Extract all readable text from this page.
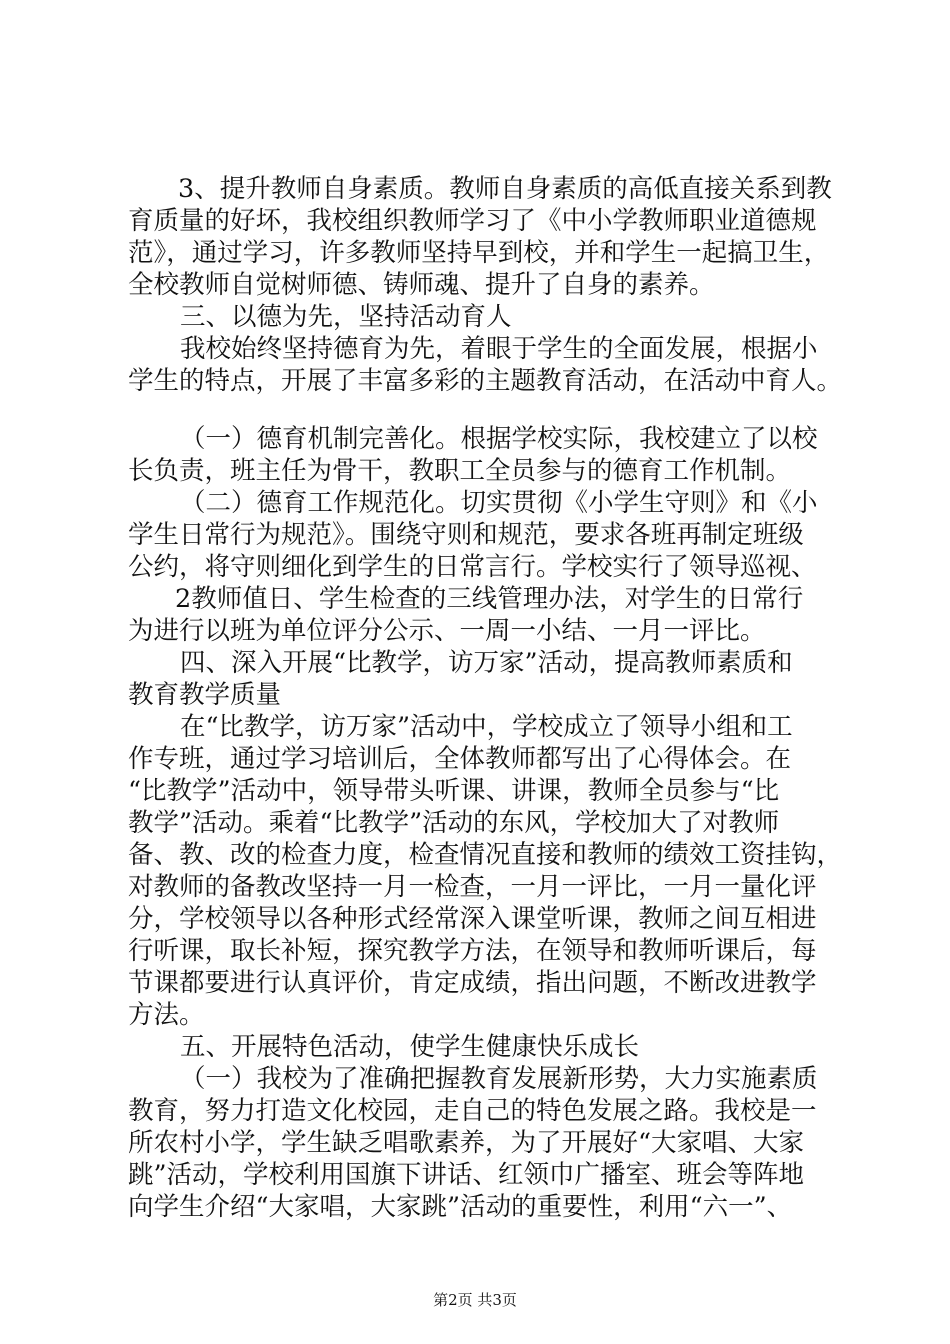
3、提升教师自身素质。教师自身素质的高低直接关系到教
育质量的好坏，我校组织教师学习了《中小学教师职业道德规
范》，通过学习，许多教师坚持早到校，并和学生一起搞卫生，
全校教师自觉树师德、铸师魂、提升了自身的素养。
三、以德为先，坚持活动育人
我校始终坚持德育为先，着眼于学生的全面发展，根据小
学生的特点，开展了丰富多彩的主题教育活动，在活动中育人。
（一）德育机制完善化。根据学校实际，我校建立了以校
长负责，班主任为骨干，教职工全员参与的德育工作机制。
（二）德育工作规范化。切实贯彻《小学生守则》和《小
学生日常行为规范》。围绕守则和规范，要求各班再制定班级
公约，将守则细化到学生的日常言行。学校实行了领导巡视、
2教师值日、学生检查的三线管理办法，对学生的日常行
为进行以班为单位评分公示、一周一小结、一月一评比。
四、深入开展“比教学，访万家”活动，提高教师素质和
教育教学质量
在“比教学，访万家”活动中，学校成立了领导小组和工
作专班，通过学习培训后，全体教师都写出了心得体会。在
“比教学”活动中，领导带头听课、讲课，教师全员参与“比
教学”活动。乘着“比教学”活动的东风，学校加大了对教师
备、教、改的检查力度，检查情况直接和教师的绩效工资挂钩，
对教师的备教改坚持一月一检查，一月一评比，一月一量化评
分，学校领导以各种形式经常深入课堂听课，教师之间互相进
行听课，取长补短，探究教学方法，在领导和教师听课后，每
节课都要进行认真评价，肯定成绩，指出问题，不断改进教学
方法。
五、开展特色活动，使学生健康快乐成长
（一）我校为了准确把握教育发展新形势，大力实施素质
教育，努力打造文化校园，走自己的特色发展之路。我校是一
所农村小学，学生缺乏唱歌素养，为了开展好“大家唱、大家
跳”活动，学校利用国旗下讲话、红领巾广播室、班会等阵地
向学生介绍“大家唱，大家跳”活动的重要性，利用“六一”、
第2页 共3页
